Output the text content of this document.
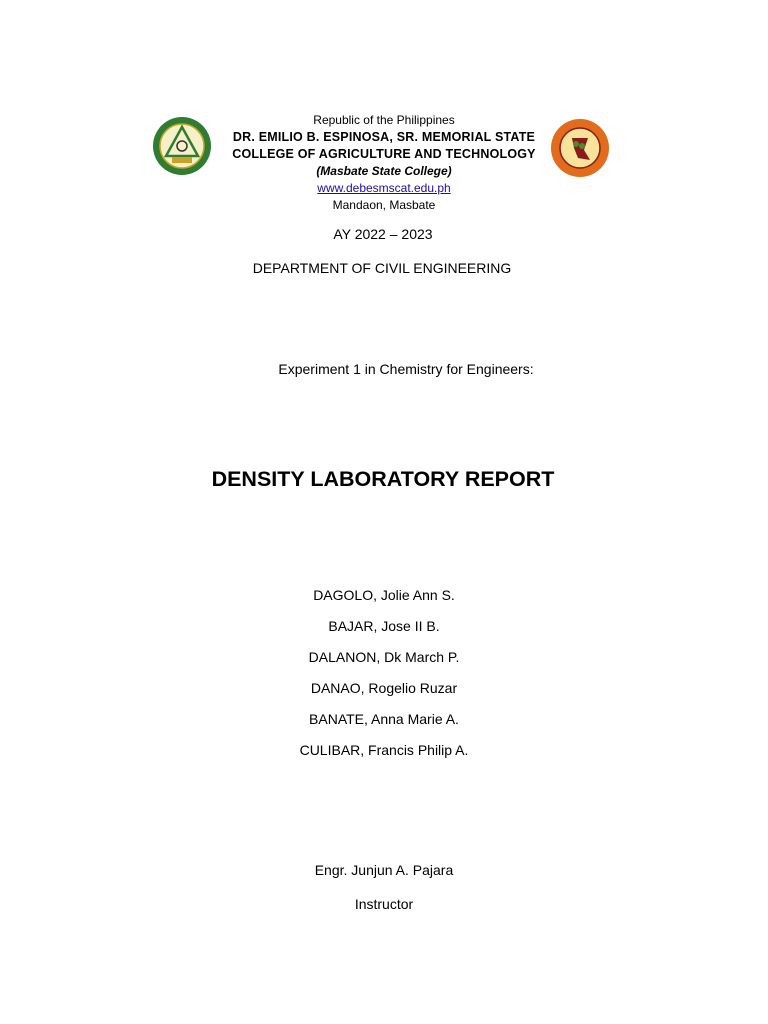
Republic of the Philippines
DR. EMILIO B. ESPINOSA, SR. MEMORIAL STATE
COLLEGE OF AGRICULTURE AND TECHNOLOGY
(Masbate State College)
www.debesmscat.edu.ph
Mandaon, Masbate
AY 2022 – 2023
DEPARTMENT OF CIVIL ENGINEERING
Experiment 1 in Chemistry for Engineers:
DENSITY LABORATORY REPORT
DAGOLO, Jolie Ann S.
BAJAR, Jose II B.
DALANON, Dk March P.
DANAO, Rogelio Ruzar
BANATE, Anna Marie A.
CULIBAR, Francis Philip A.
Engr. Junjun A. Pajara
Instructor
